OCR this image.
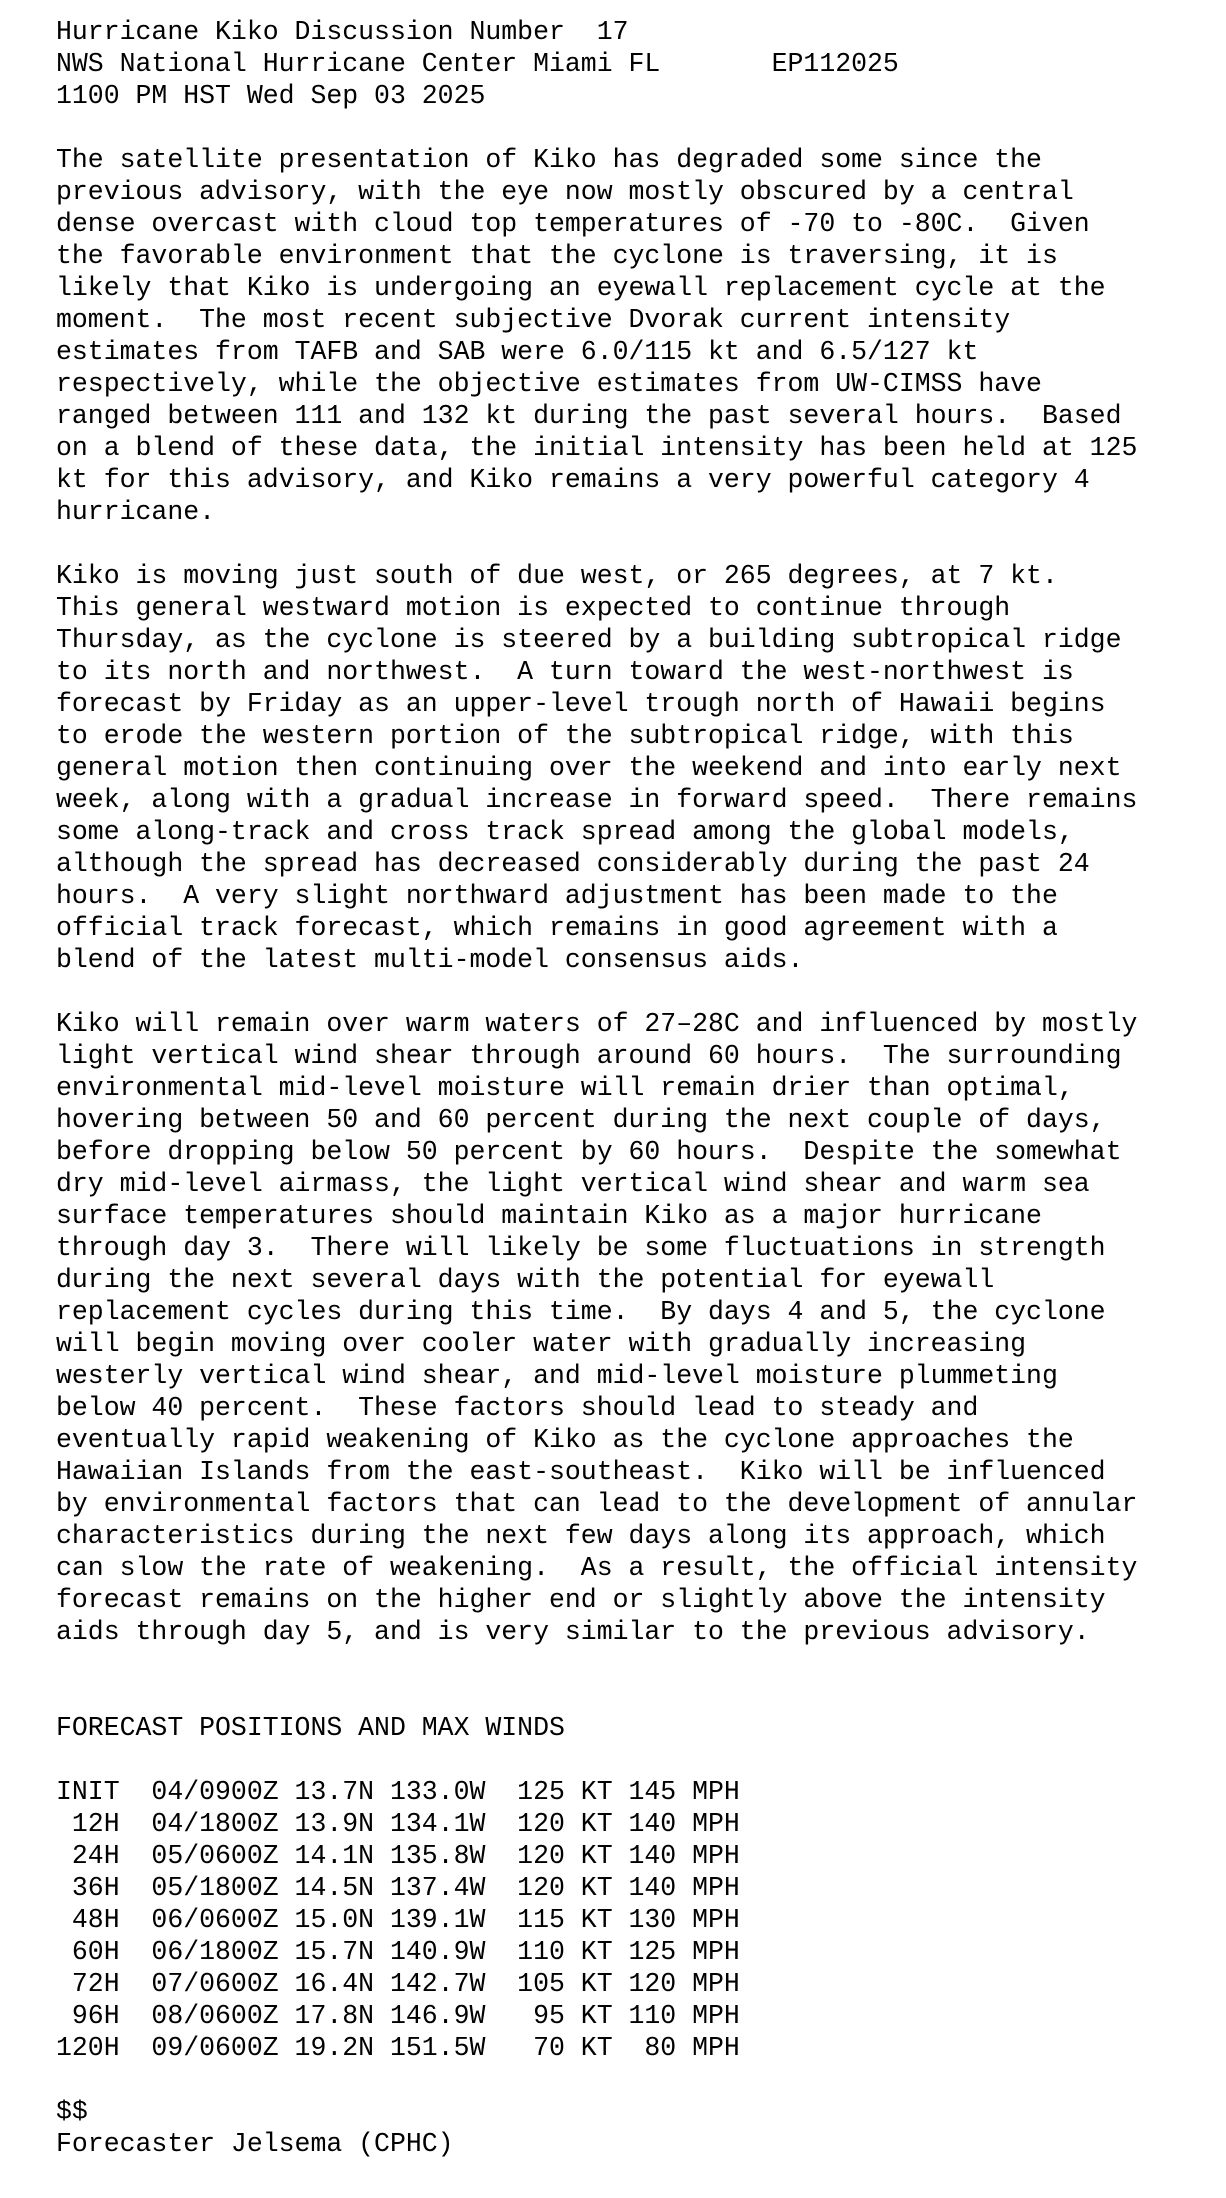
Hurricane Kiko Discussion Number  17
NWS National Hurricane Center Miami FL       EP112025
1100 PM HST Wed Sep 03 2025
The satellite presentation of Kiko has degraded some since the
previous advisory, with the eye now mostly obscured by a central
dense overcast with cloud top temperatures of -70 to -80C.  Given
the favorable environment that the cyclone is traversing, it is
likely that Kiko is undergoing an eyewall replacement cycle at the
moment.  The most recent subjective Dvorak current intensity
estimates from TAFB and SAB were 6.0/115 kt and 6.5/127 kt
respectively, while the objective estimates from UW-CIMSS have
ranged between 111 and 132 kt during the past several hours.  Based
on a blend of these data, the initial intensity has been held at 125
kt for this advisory, and Kiko remains a very powerful category 4
hurricane.
Kiko is moving just south of due west, or 265 degrees, at 7 kt.
This general westward motion is expected to continue through
Thursday, as the cyclone is steered by a building subtropical ridge
to its north and northwest.  A turn toward the west-northwest is
forecast by Friday as an upper-level trough north of Hawaii begins
to erode the western portion of the subtropical ridge, with this
general motion then continuing over the weekend and into early next
week, along with a gradual increase in forward speed.  There remains
some along-track and cross track spread among the global models,
although the spread has decreased considerably during the past 24
hours.  A very slight northward adjustment has been made to the
official track forecast, which remains in good agreement with a
blend of the latest multi-model consensus aids.
Kiko will remain over warm waters of 27–28C and influenced by mostly
light vertical wind shear through around 60 hours.  The surrounding
environmental mid-level moisture will remain drier than optimal,
hovering between 50 and 60 percent during the next couple of days,
before dropping below 50 percent by 60 hours.  Despite the somewhat
dry mid-level airmass, the light vertical wind shear and warm sea
surface temperatures should maintain Kiko as a major hurricane
through day 3.  There will likely be some fluctuations in strength
during the next several days with the potential for eyewall
replacement cycles during this time.  By days 4 and 5, the cyclone
will begin moving over cooler water with gradually increasing
westerly vertical wind shear, and mid-level moisture plummeting
below 40 percent.  These factors should lead to steady and
eventually rapid weakening of Kiko as the cyclone approaches the
Hawaiian Islands from the east-southeast.  Kiko will be influenced
by environmental factors that can lead to the development of annular
characteristics during the next few days along its approach, which
can slow the rate of weakening.  As a result, the official intensity
forecast remains on the higher end or slightly above the intensity
aids through day 5, and is very similar to the previous advisory.
FORECAST POSITIONS AND MAX WINDS
INIT  04/0900Z 13.7N 133.0W  125 KT 145 MPH
12H  04/1800Z 13.9N 134.1W  120 KT 140 MPH
24H  05/0600Z 14.1N 135.8W  120 KT 140 MPH
36H  05/1800Z 14.5N 137.4W  120 KT 140 MPH
48H  06/0600Z 15.0N 139.1W  115 KT 130 MPH
60H  06/1800Z 15.7N 140.9W  110 KT 125 MPH
72H  07/0600Z 16.4N 142.7W  105 KT 120 MPH
96H  08/0600Z 17.8N 146.9W   95 KT 110 MPH
120H  09/0600Z 19.2N 151.5W   70 KT  80 MPH
$$
Forecaster Jelsema (CPHC)
